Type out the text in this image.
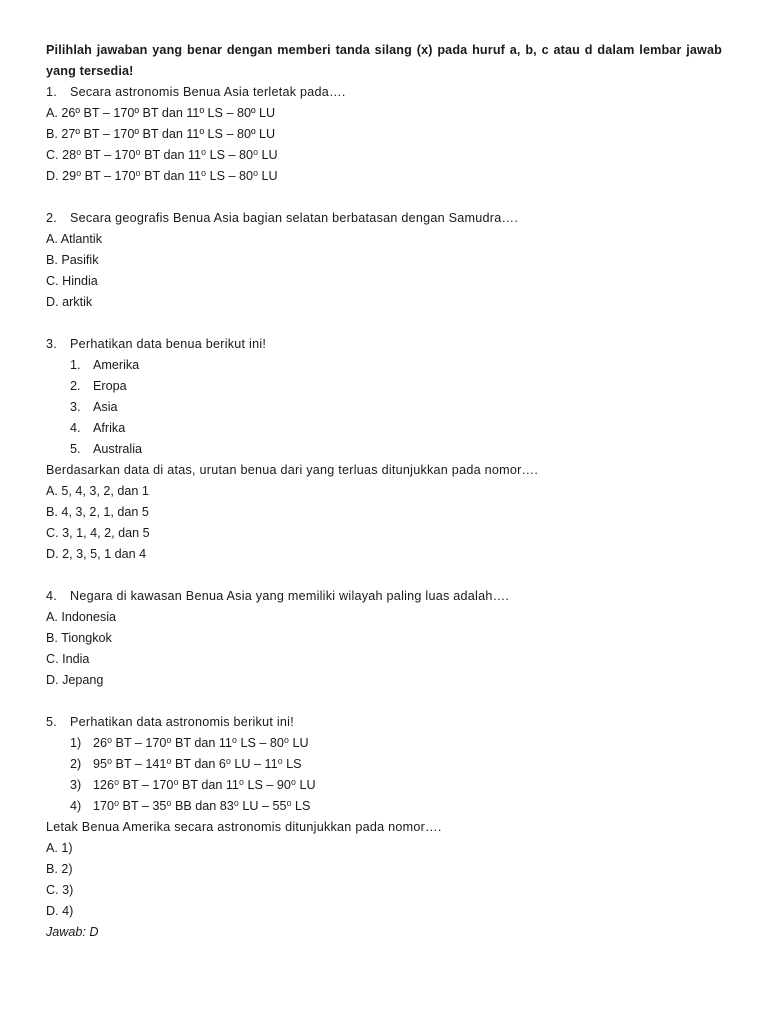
Pilihlah jawaban yang benar dengan memberi tanda silang (x) pada huruf a, b, c atau d dalam lembar jawab yang tersedia!
1. Secara astronomis Benua Asia terletak pada….
A. 26º BT – 170º BT dan 11º LS – 80º LU
B. 27º BT – 170º BT dan 11º LS – 80º LU
C. 28⁰ BT – 170⁰ BT dan 11⁰ LS – 80⁰ LU
D. 29⁰ BT – 170⁰ BT dan 11⁰ LS – 80⁰ LU
2. Secara geografis Benua Asia bagian selatan berbatasan dengan Samudra….
A. Atlantik
B. Pasifik
C. Hindia
D. arktik
3. Perhatikan data benua berikut ini!
1. Amerika
2. Eropa
3. Asia
4. Afrika
5. Australia
Berdasarkan data di atas, urutan benua dari yang terluas ditunjukkan pada nomor….
A. 5, 4, 3, 2, dan 1
B. 4, 3, 2, 1, dan 5
C. 3, 1, 4, 2, dan 5
D. 2, 3, 5, 1 dan 4
4. Negara di kawasan Benua Asia yang memiliki wilayah paling luas adalah….
A. Indonesia
B. Tiongkok
C. India
D. Jepang
5. Perhatikan data astronomis berikut ini!
1) 26⁰ BT – 170⁰ BT dan 11⁰ LS – 80⁰ LU
2) 95⁰ BT – 141⁰ BT dan 6⁰ LU – 11⁰ LS
3) 126⁰ BT – 170⁰ BT dan 11⁰ LS – 90⁰ LU
4) 170⁰ BT – 35⁰ BB dan 83⁰ LU – 55⁰ LS
Letak Benua Amerika secara astronomis ditunjukkan pada nomor….
A. 1)
B. 2)
C. 3)
D. 4)
Jawab: D
